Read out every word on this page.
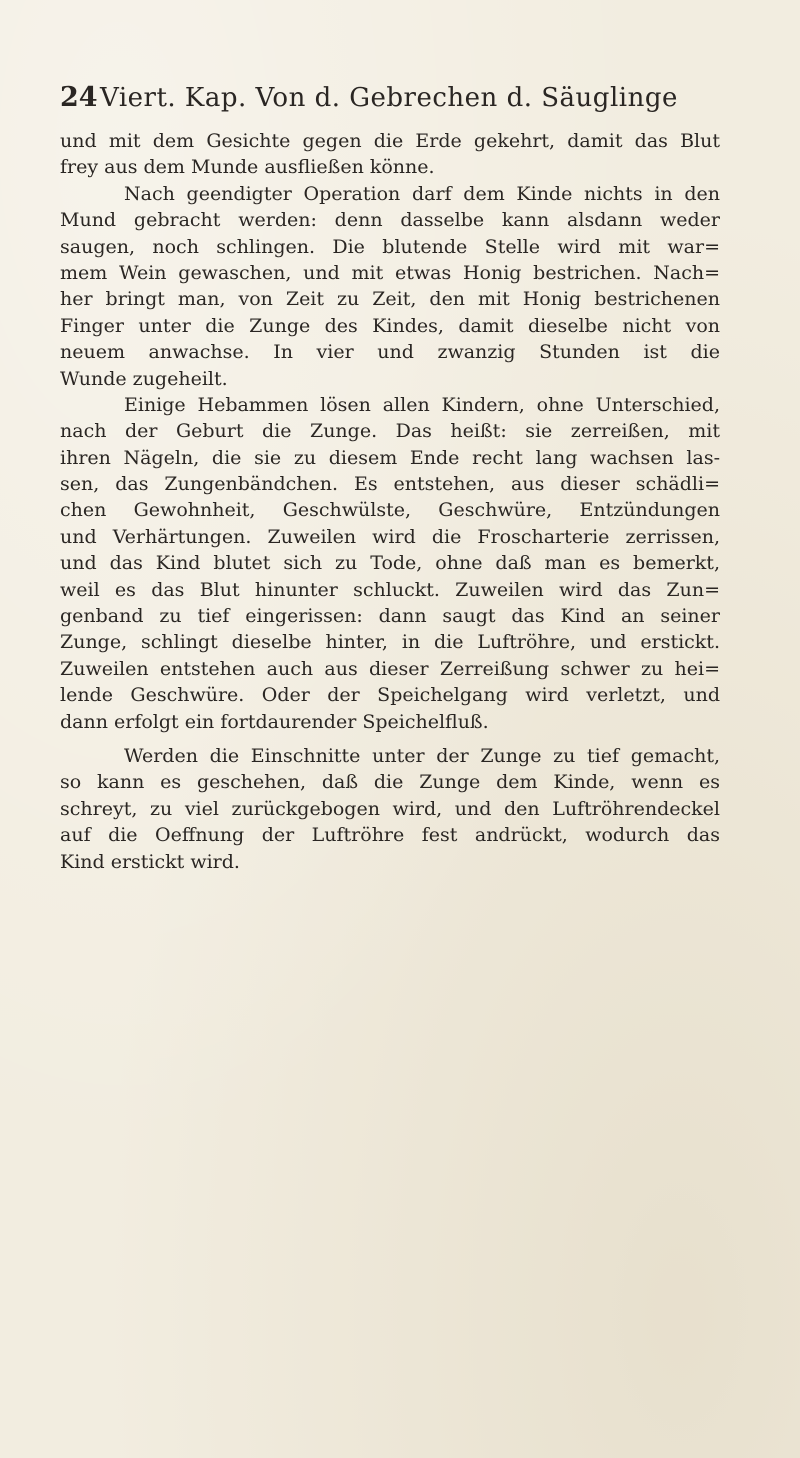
24 Viert. Kap. Von d. Gebrechen d. Säuglinge
und mit dem Gesichte gegen die Erde gekehrt, damit das Blut
frey aus dem Munde ausfließen könne.
Nach geendigter Operation darf dem Kinde nichts in den
Mund gebracht werden: denn dasselbe kann alsdann weder
saugen, noch schlingen. Die blutende Stelle wird mit war=
mem Wein gewaschen, und mit etwas Honig bestrichen. Nach=
her bringt man, von Zeit zu Zeit, den mit Honig bestrichenen
Finger unter die Zunge des Kindes, damit dieselbe nicht von
neuem anwachse. In vier und zwanzig Stunden ist die
Wunde zugeheilt.
Einige Hebammen lösen allen Kindern, ohne Unterschied,
nach der Geburt die Zunge. Das heißt: sie zerreißen, mit
ihren Nägeln, die sie zu diesem Ende recht lang wachsen las-
sen, das Zungenbändchen. Es entstehen, aus dieser schädli=
chen Gewohnheit, Geschwülste, Geschwüre, Entzündungen
und Verhärtungen. Zuweilen wird die Froscharterie zerrissen,
und das Kind blutet sich zu Tode, ohne daß man es bemerkt,
weil es das Blut hinunter schluckt. Zuweilen wird das Zun=
genband zu tief eingerissen: dann saugt das Kind an seiner
Zunge, schlingt dieselbe hinter, in die Luftröhre, und erstickt.
Zuweilen entstehen auch aus dieser Zerreißung schwer zu hei=
lende Geschwüre. Oder der Speichelgang wird verletzt, und
dann erfolgt ein fortdaurender Speichelfluß.
Werden die Einschnitte unter der Zunge zu tief gemacht,
so kann es geschehen, daß die Zunge dem Kinde, wenn es
schreyt, zu viel zurückgebogen wird, und den Luftröhrendeckel
auf die Oeffnung der Luftröhre fest andrückt, wodurch das
Kind erstickt wird.
